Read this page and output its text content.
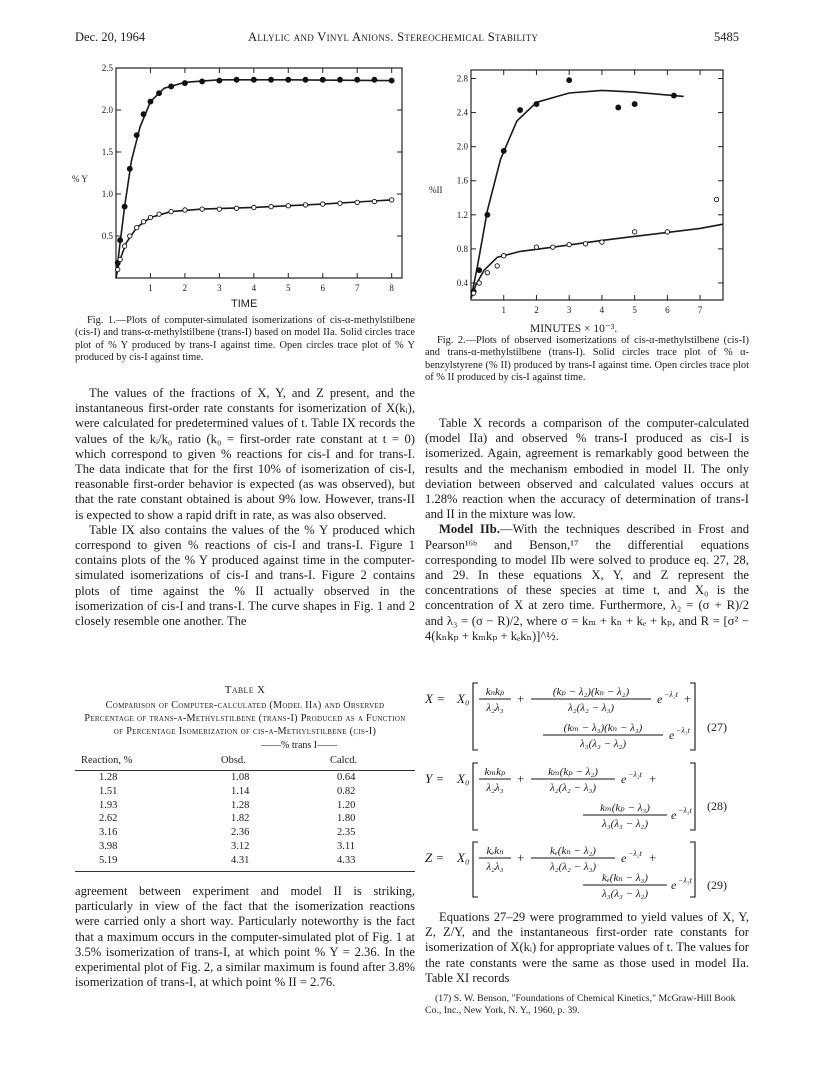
Dec. 20, 1964	Allylic and Vinyl Anions. Stereochemical Stability	5485
1	2	3	4	5	6	7	8
0.5
1.0
1.5
2.0
2.5
% Y
TIME

Fig. 1.—Plots of computer-simulated isomerizations of cis-α-methylstilbene (cis-I) and trans-α-methylstilbene (trans-I) based on model IIa. Solid circles trace plot of % Y produced by trans-I against time. Open circles trace plot of % Y produced by cis-I against time.

1	2	3	4	5	6	7
0.4
0.8
1.2
1.6
2.0
2.4
2.8
%II
MINUTES × 10⁻³.

Fig. 2.—Plots of observed isomerizations of cis-α-methylstilbene (cis-I) and trans-α-methylstilbene (trans-I). Solid circles trace plot of % α-benzylstyrene (% II) produced by trans-I against time. Open circles trace plot of % II produced by cis-I against time.

The values of the fractions of X, Y, and Z present, and the instantaneous first-order rate constants for isomerization of X(kᵢ), were calculated for predetermined values of t. Table IX records the values of the kᵢ/k₀ ratio (k₀ = first-order rate constant at t = 0) which correspond to given % reactions for cis-I and for trans-I. The data indicate that for the first 10% of isomerization of cis-I, reasonable first-order behavior is expected (as was observed), but that the rate constant obtained is about 9% low. However, trans-II is expected to show a rapid drift in rate, as was also observed.

Table IX also contains the values of the % Y produced which correspond to given % reactions of cis-I and trans-I. Figure 1 contains plots of the % Y produced against time in the computer-simulated isomerizations of cis-I and trans-I. Figure 2 contains plots of time against the % II actually observed in the isomerization of cis-I and trans-I. The curve shapes in Fig. 1 and 2 closely resemble one another. The

Table X
Comparison of Computer-calculated (Model IIa) and Observed Percentage of trans-α-Methylstilbene (trans-I) Produced as a Function of Percentage Isomerization of cis-α-Methylstilbene (cis-I)
——% trans I——
Reaction, %	Obsd.	Calcd.
1.28	1.08	0.64
1.51	1.14	0.82
1.93	1.28	1.20
2.62	1.82	1.80
3.16	2.36	2.35
3.98	3.12	3.11
5.19	4.31	4.33

agreement between experiment and model II is striking, particularly in view of the fact that the isomerization reactions were carried only a short way. Particularly noteworthy is the fact that a maximum occurs in the computer-simulated plot of Fig. 1 at 3.5% isomerization of trans-I, at which point % Y = 2.36. In the experimental plot of Fig. 2, a similar maximum is found after 3.8% isomerization of trans-I, at which point % II = 2.76.

Table X records a comparison of the computer-calculated (model IIa) and observed % trans-I produced as cis-I is isomerized. Again, agreement is remarkably good between the results and the mechanism embodied in model II. The only deviation between observed and calculated values occurs at 1.28% reaction when the accuracy of determination of trans-I and II in the mixture was low.

Model IIb.—With the techniques described in Frost and Pearson¹⁶ᵇ and Benson,¹⁷ the differential equations corresponding to model IIb were solved to produce eq. 27, 28, and 29. In these equations X, Y, and Z represent the concentrations of these species at time t, and X₀ is the concentration of X at zero time. Furthermore, λ₂ = (σ + R)/2 and λ₃ = (σ − R)/2, where σ = kₘ + kₙ + kₑ + kₚ, and R = [σ² − 4(kₙkₚ + kₘkₚ + kₑkₙ)]^½.

X = X₀ kₙkₚ
λ₂λ₃
+	(kₚ − λ₂)(kₙ − λ₂)
λ₂(λ₂ − λ₃)
e −λ₂t +
(kₘ − λ₃)(kₙ − λ₃)
λ₃(λ₃ − λ₂)
e −λ₃t
Y = X₀ kₘkₚ
λ₂λ₃
+ kₘ(kₚ − λ₂)
λ₂(λ₂ − λ₃)
e −λ₂t +
kₘ(kₚ − λ₃)
λ₃(λ₃ − λ₂)
e −λ₃t
Z = X₀ kₑkₙ
λ₂λ₃
+ kₑ(kₙ − λ₂)
λ₂(λ₂ − λ₃)
e −λ₂t +
kₑ(kₙ − λ₃)
λ₃(λ₃ − λ₂)
e −λ₃t
(27)
(28)
(29)

Equations 27–29 were programmed to yield values of X, Y, Z, Z/Y, and the instantaneous first-order rate constants for isomerization of X(kᵢ) for appropriate values of t. The values for the rate constants were the same as those used in model IIa. Table XI records

(17) S. W. Benson, "Foundations of Chemical Kinetics," McGraw-Hill Book Co., Inc., New York, N. Y., 1960, p. 39.
